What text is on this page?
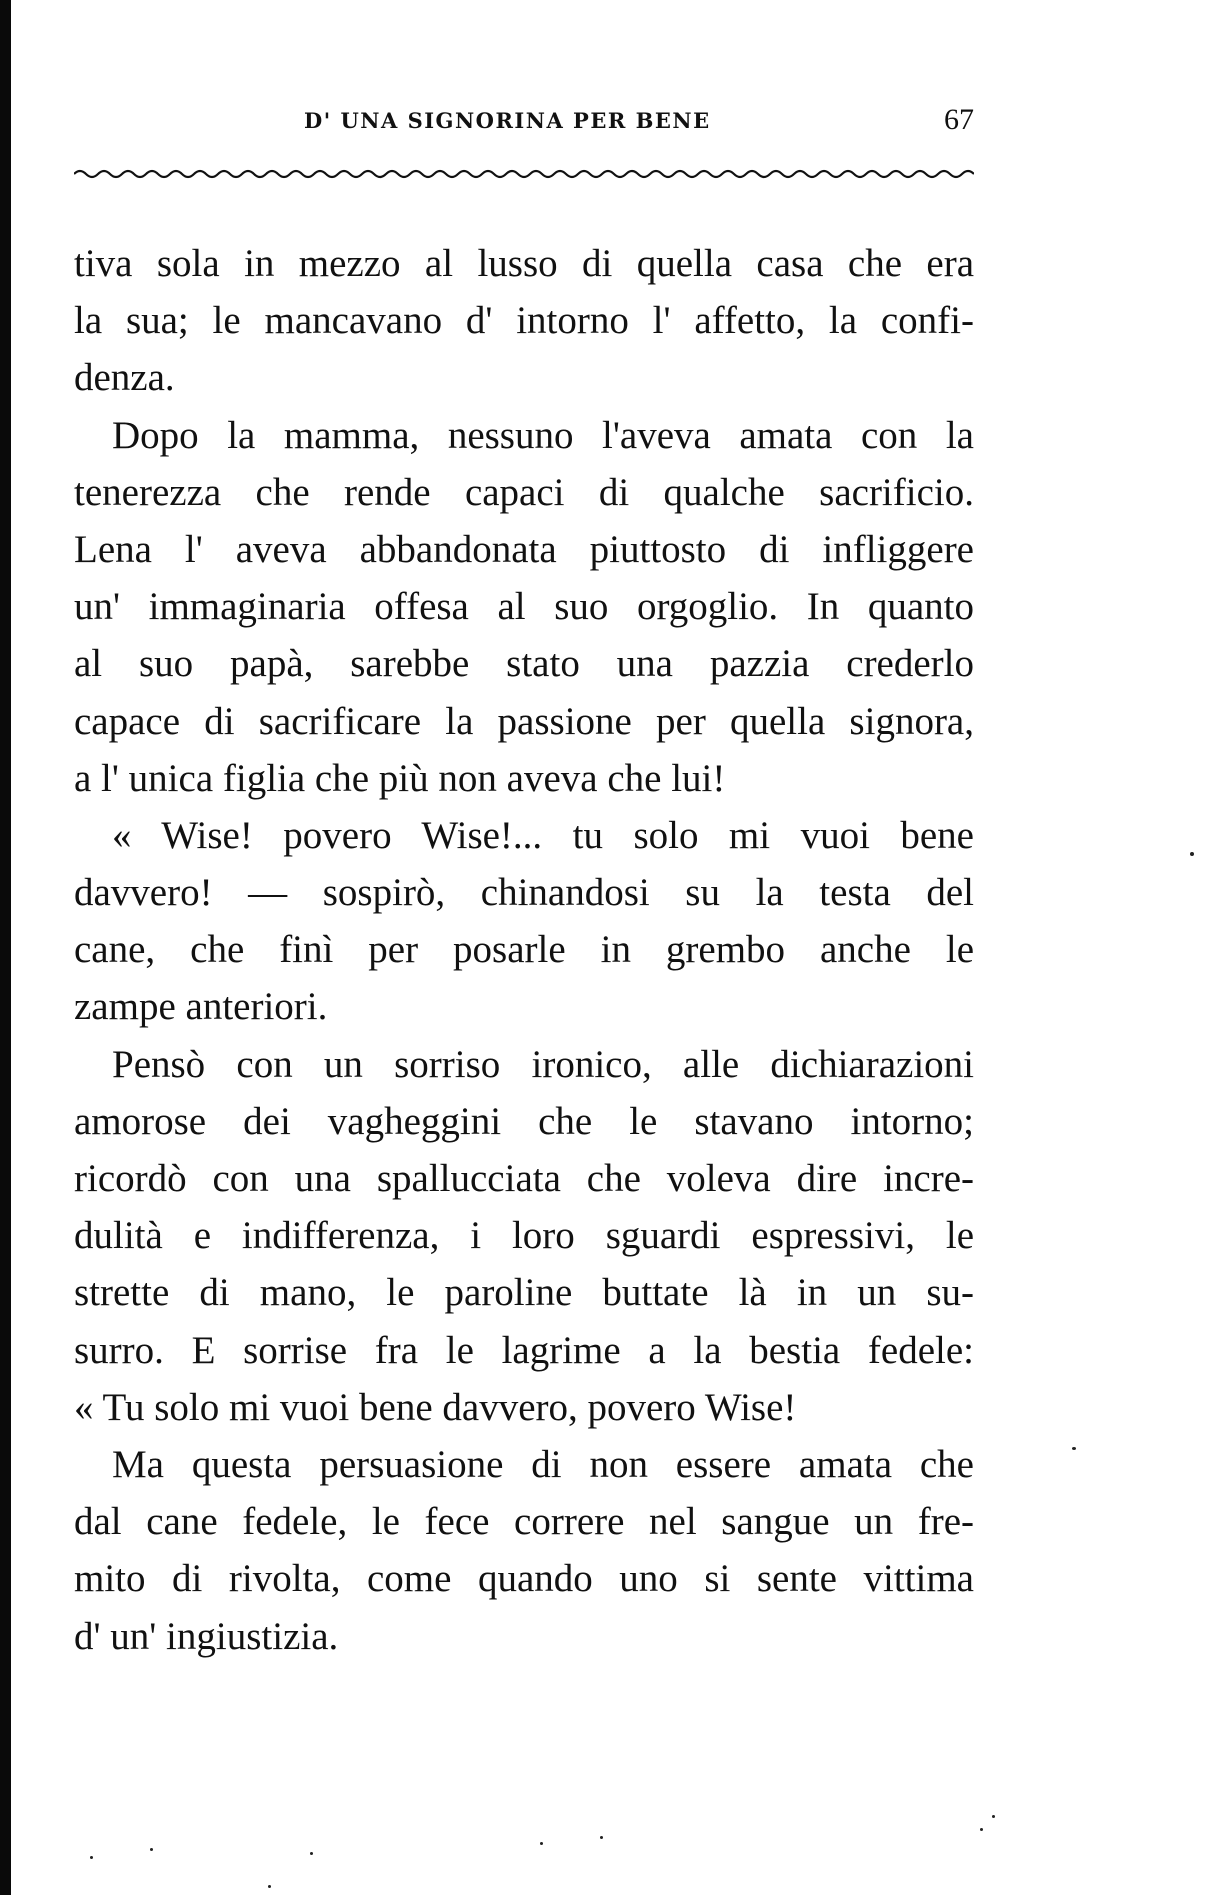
D' UNA SIGNORINA PER BENE	67
tiva sola in mezzo al lusso di quella casa che era
la sua; le mancavano d' intorno l' affetto, la confi-
denza.
Dopo la mamma, nessuno l'aveva amata con la
tenerezza che rende capaci di qualche sacrificio.
Lena l' aveva abbandonata piuttosto di infliggere
un' immaginaria offesa al suo orgoglio. In quanto
al suo papà, sarebbe stato una pazzia crederlo
capace di sacrificare la passione per quella signora,
a l' unica figlia che più non aveva che lui!
« Wise! povero Wise!... tu solo mi vuoi bene
davvero! — sospirò, chinandosi su la testa del
cane, che finì per posarle in grembo anche le
zampe anteriori.
Pensò con un sorriso ironico, alle dichiarazioni
amorose dei vagheggini che le stavano intorno;
ricordò con una spallucciata che voleva dire incre-
dulità e indifferenza, i loro sguardi espressivi, le
strette di mano, le paroline buttate là in un su-
surro. E sorrise fra le lagrime a la bestia fedele:
« Tu solo mi vuoi bene davvero, povero Wise!
Ma questa persuasione di non essere amata che
dal cane fedele, le fece correre nel sangue un fre-
mito di rivolta, come quando uno si sente vittima
d' un' ingiustizia.
